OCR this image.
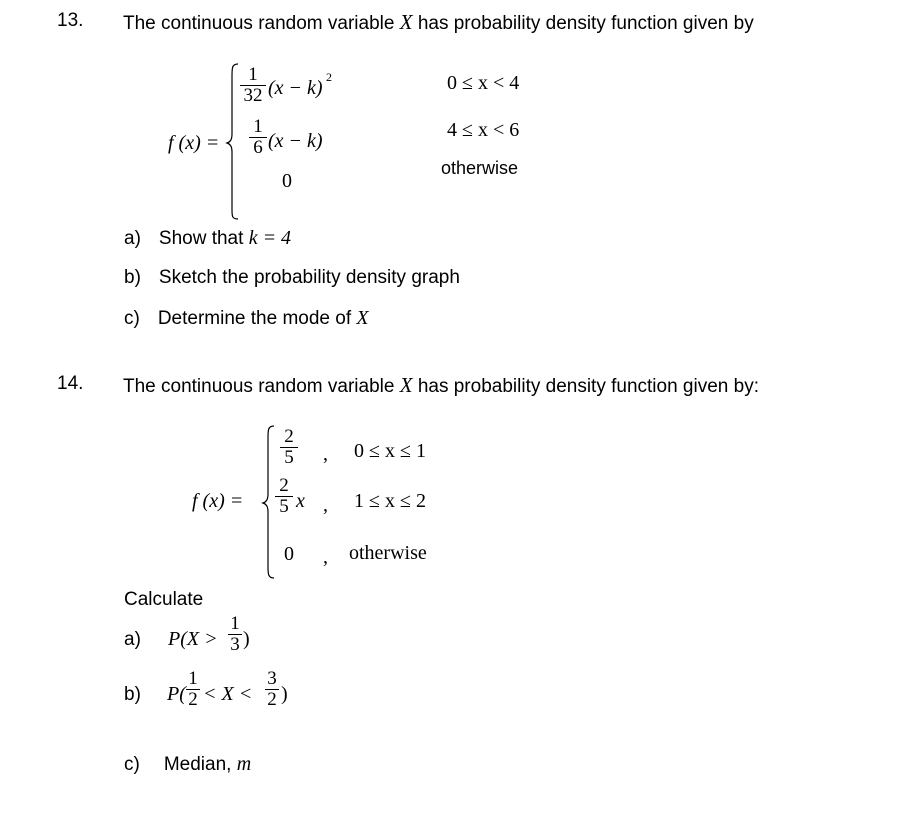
13. The continuous random variable X has probability density function given by
f (x) =
1
32 (x − k) 2	0 ≤ x < 4
1
6 (x − k)	4 ≤ x < 6
0
otherwise
a) Show that k = 4
b) Sketch the probability density graph
c) Determine the mode of X
14. The continuous random variable X has probability density function given by:
f (x) =
2
5 , 0 ≤ x ≤ 1
2
5 x , 1 ≤ x ≤ 2
0 , otherwise
Calculate
a) P(X >
1
3 )
b) P(
1
2 < X <
3
2 )
c) Median, m
